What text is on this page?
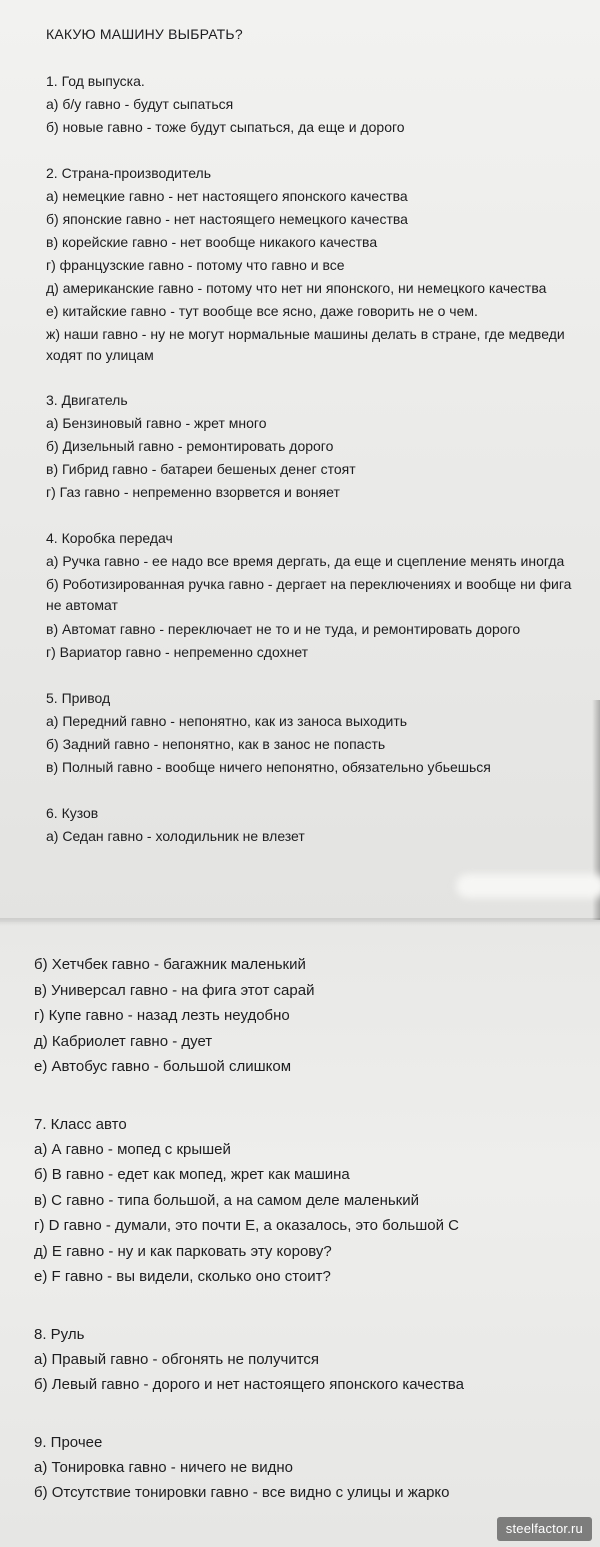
КАКУЮ МАШИНУ ВЫБРАТЬ?
1. Год выпуска.
а) б/у гавно - будут сыпаться
б) новые гавно - тоже будут сыпаться, да еще и дорого
2. Страна-производитель
а) немецкие гавно - нет настоящего японского качества
б) японские гавно - нет настоящего немецкого качества
в) корейские гавно - нет вообще никакого качества
г) французские гавно - потому что гавно и все
д) американские гавно - потому что нет ни японского, ни немецкого качества
е) китайские гавно - тут вообще все ясно, даже говорить не о чем.
ж) наши гавно - ну не могут нормальные машины делать в стране, где медведи ходят по улицам
3. Двигатель
а) Бензиновый гавно - жрет много
б) Дизельный гавно - ремонтировать дорого
в) Гибрид гавно - батареи бешеных денег стоят
г) Газ гавно - непременно взорвется и воняет
4. Коробка передач
а) Ручка гавно - ее надо все время дергать, да еще и сцепление менять иногда
б) Роботизированная ручка гавно - дергает на переключениях и вообще ни фига не автомат
в) Автомат гавно - переключает не то и не туда, и ремонтировать дорого
г) Вариатор гавно - непременно сдохнет
5. Привод
а) Передний гавно - непонятно, как из заноса выходить
б) Задний гавно - непонятно, как в занос не попасть
в) Полный гавно - вообще ничего непонятно, обязательно убьешься
6. Кузов
а) Седан гавно - холодильник не влезет
б) Хетчбек гавно - багажник маленький
в) Универсал гавно - на фига этот сарай
г) Купе гавно - назад лезть неудобно
д) Кабриолет гавно - дует
е) Автобус гавно - большой слишком
7. Класс авто
а) А гавно - мопед с крышей
б) В гавно - едет как мопед, жрет как машина
в) С гавно - типа большой, а на самом деле маленький
г) D гавно - думали, это почти Е, а оказалось, это большой С
д) Е гавно - ну и как парковать эту корову?
е) F гавно - вы видели, сколько оно стоит?
8. Руль
а) Правый гавно - обгонять не получится
б) Левый гавно - дорого и нет настоящего японского качества
9. Прочее
а) Тонировка гавно - ничего не видно
б) Отсутствие тонировки гавно - все видно с улицы и жарко
steelfactor.ru
